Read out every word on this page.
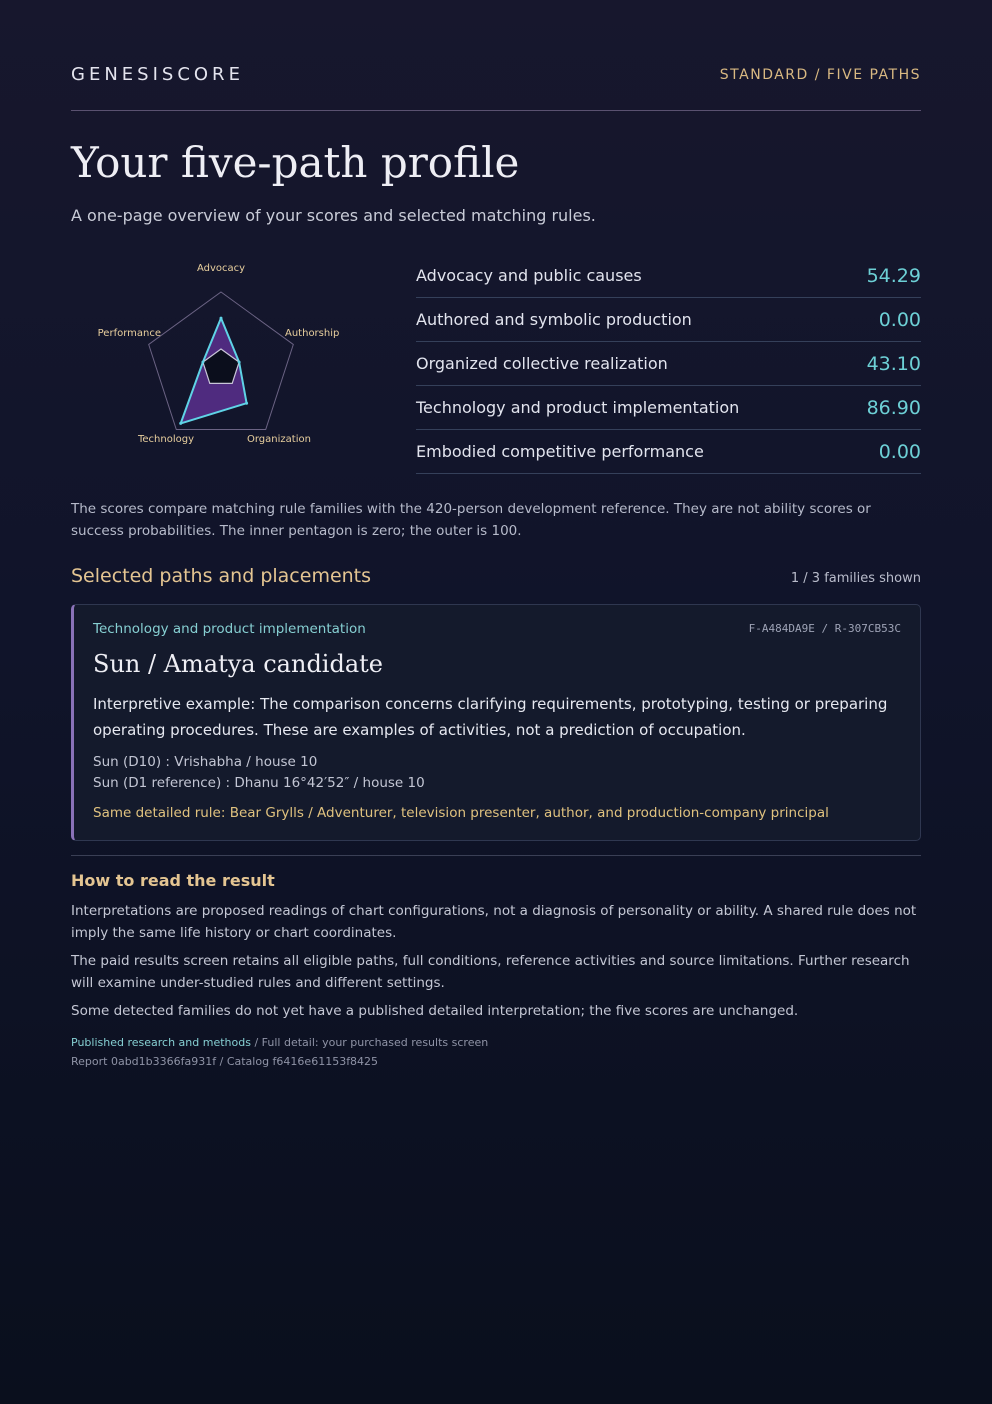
GENESISCORE	STANDARD / FIVE PATHS
Your five-path profile

A one-page overview of your scores and selected matching rules.

Advocacy
Authorship
Organization
Technology
Performance
Advocacy and public causes	54.29
Authored and symbolic production	0.00
Organized collective realization	43.10
Technology and product implementation	86.90
Embodied competitive performance	0.00

The scores compare matching rule families with the 420-person development reference. They are not ability scores or success probabilities. The inner pentagon is zero; the outer is 100.

Selected paths and placements	1 / 3 families shown
Technology and product implementation	F-A484DA9E / R-307CB53C
Sun / Amatya candidate

Interpretive example: The comparison concerns clarifying requirements, prototyping, testing or preparing operating procedures. These are examples of activities, not a prediction of occupation.

Sun (D10) : Vrishabha / house 10
Sun (D1 reference) : Dhanu 16°42′52″ / house 10
Same detailed rule: Bear Grylls / Adventurer, television presenter, author, and production-company principal
How to read the result

Interpretations are proposed readings of chart configurations, not a diagnosis of personality or ability. A shared rule does not imply the same life history or chart coordinates.

The paid results screen retains all eligible paths, full conditions, reference activities and source limitations. Further research will examine under-studied rules and different settings.

Some detected families do not yet have a published detailed interpretation; the five scores are unchanged.

Published research and methods / Full detail: your purchased results screen
Report 0abd1b3366fa931f / Catalog f6416e61153f8425
